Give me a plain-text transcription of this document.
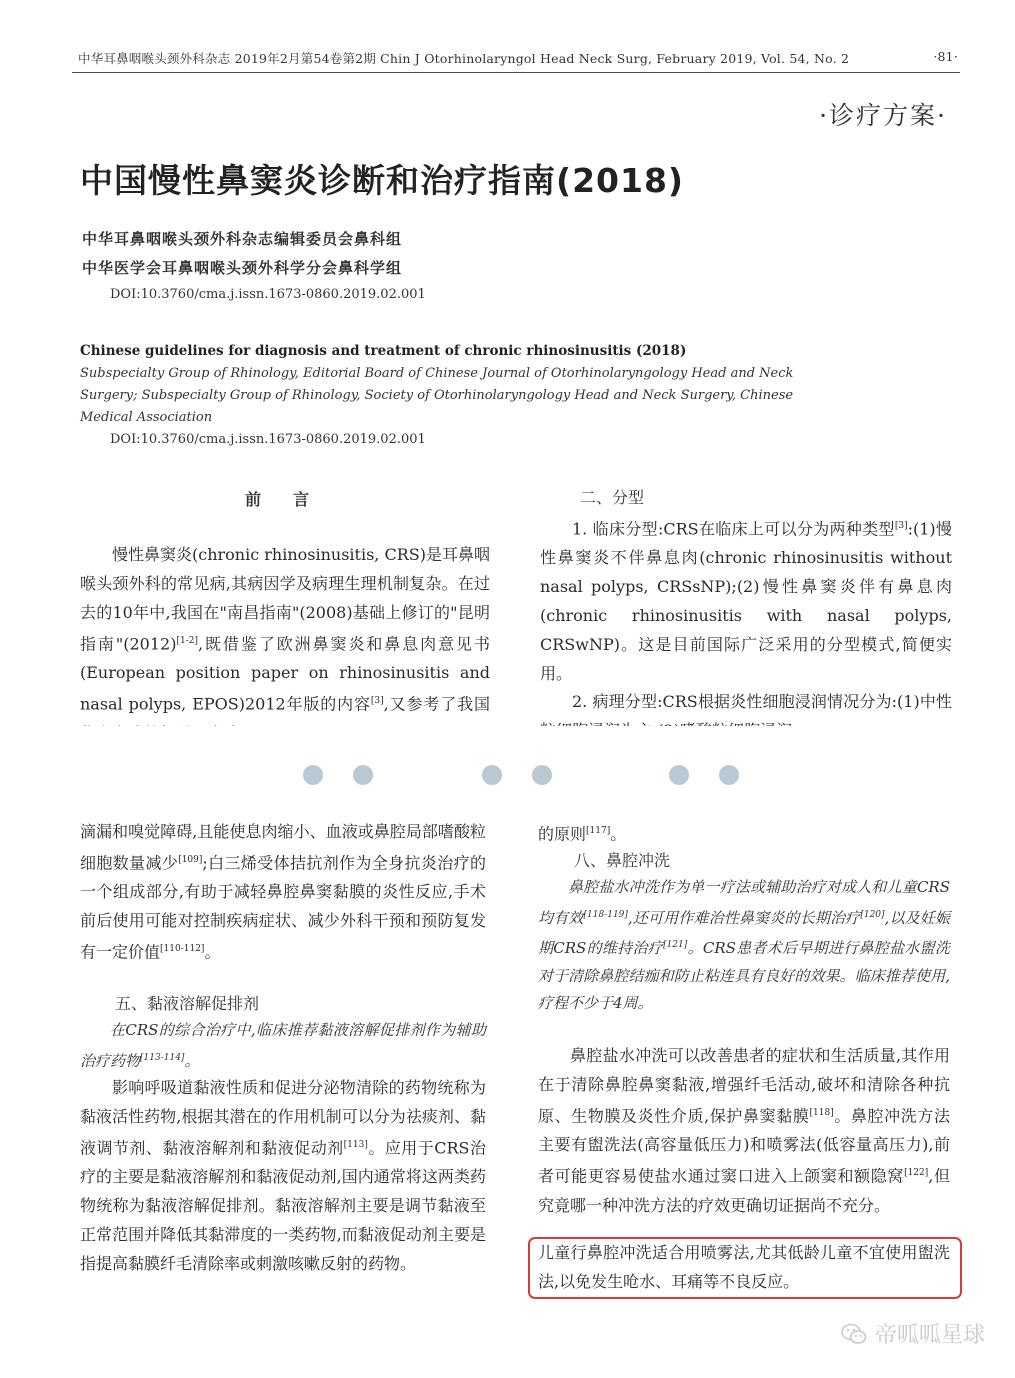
中华耳鼻咽喉头颈外科杂志 2019年2月第54卷第2期 Chin J Otorhinolaryngol Head Neck Surg, February 2019, Vol. 54, No. 2	·81·
·诊疗方案·
中国慢性鼻窦炎诊断和治疗指南(2018)
中华耳鼻咽喉头颈外科杂志编辑委员会鼻科组
中华医学会耳鼻咽喉头颈外科学分会鼻科学组
DOI:10.3760/cma.j.issn.1673-0860.2019.02.001
Chinese guidelines for diagnosis and treatment of chronic rhinosinusitis (2018)
Subspecialty Group of Rhinology, Editorial Board of Chinese Journal of Otorhinolaryngology Head and Neck Surgery; Subspecialty Group of Rhinology, Society of Otorhinolaryngology Head and Neck Surgery, Chinese Medical Association
DOI:10.3760/cma.j.issn.1673-0860.2019.02.001
前　　言
慢性鼻窦炎(chronic rhinosinusitis, CRS)是耳鼻咽喉头颈外科的常见病,其病因学及病理生理机制复杂。在过去的10年中,我国在"南昌指南"(2008)基础上修订的"昆明指南"(2012)[1-2],既借鉴了欧洲鼻窦炎和鼻息肉意见书(European position paper on rhinosinusitis and nasal polyps, EPOS)2012年版的内容[3],又参考了我国
二、分型
1. 临床分型:CRS在临床上可以分为两种类型[3]:(1)慢性鼻窦炎不伴鼻息肉(chronic rhinosinusitis without nasal polyps, CRSsNP);(2)慢性鼻窦炎伴有鼻息肉(chronic rhinosinusitis with nasal polyps, CRSwNP)。这是目前国际广泛采用的分型模式,简便实用。
2. 病理分型:CRS根据炎性细胞浸润情况分为:(1)中性
滴漏和嗅觉障碍,且能使息肉缩小、血液或鼻腔局部嗜酸粒细胞数量减少[109];白三烯受体拮抗剂作为全身抗炎治疗的一个组成部分,有助于减轻鼻腔鼻窦黏膜的炎性反应,手术前后使用可能对控制疾病症状、减少外科干预和预防复发有一定价值[110-112]。
五、黏液溶解促排剂
在CRS的综合治疗中,临床推荐黏液溶解促排剂作为辅助治疗药物[113-114]。
影响呼吸道黏液性质和促进分泌物清除的药物统称为黏液活性药物,根据其潜在的作用机制可以分为祛痰剂、黏液调节剂、黏液溶解剂和黏液促动剂[113]。应用于CRS治疗的主要是黏液溶解剂和黏液促动剂,国内通常将这两类药物统称为黏液溶解促排剂。黏液溶解剂主要是调节黏液至正常范围并降低其黏滞度的一类药物,而黏液促动剂主要是指提高黏膜纤毛清除率或刺激咳嗽反射的药物。
的原则[117]。
八、鼻腔冲洗
鼻腔盐水冲洗作为单一疗法或辅助治疗对成人和儿童CRS均有效[118-119],还可用作难治性鼻窦炎的长期治疗[120],以及妊娠期CRS的维持治疗[121]。CRS患者术后早期进行鼻腔盐水盥洗对于清除鼻腔结痂和防止粘连具有良好的效果。临床推荐使用,疗程不少于4周。
鼻腔盐水冲洗可以改善患者的症状和生活质量,其作用在于清除鼻腔鼻窦黏液,增强纤毛活动,破坏和清除各种抗原、生物膜及炎性介质,保护鼻窦黏膜[118]。鼻腔冲洗方法主要有盥洗法(高容量低压力)和喷雾法(低容量高压力),前者可能更容易使盐水通过窦口进入上颌窦和额隐窝[122],但究竟哪一种冲洗方法的疗效更确切证据尚不充分。
儿童行鼻腔冲洗适合用喷雾法,尤其低龄儿童不宜使用盥洗法,以免发生呛水、耳痛等不良反应。
帝呱呱星球
